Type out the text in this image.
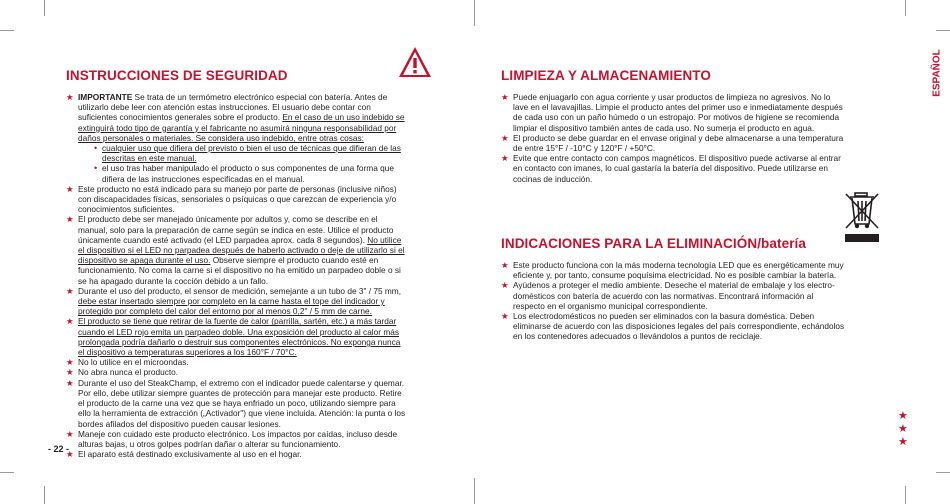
INSTRUCCIONES DE SEGURIDAD
★ IMPORTANTE Se trata de un termómetro electrónico especial con batería. Antes de utilizarlo debe leer con atención estas instrucciones. El usuario debe contar con suficientes conocimientos generales sobre el producto. En el caso de un uso indebido se extinguirá todo tipo de garantía y el fabricante no asumirá ninguna responsabilidad por daños personales o materiales. Se considera uso indebido, entre otras cosas:
• cualquier uso que difiera del previsto o bien el uso de técnicas que difieran de las descritas en este manual.
• el uso tras haber manipulado el producto o sus componentes de una forma que difiera de las instrucciones especificadas en el manual.
★ Este producto no está indicado para su manejo por parte de personas (inclusive niños) con discapacidades físicas, sensoriales o psíquicas o que carezcan de experiencia y/o conocimientos suficientes.
★ El producto debe ser manejado únicamente por adultos y, como se describe en el manual, solo para la preparación de carne según se indica en este. Utilice el producto únicamente cuando esté activado (el LED parpadea aprox. cada 8 segundos). No utilice el dispositivo si el LED no parpadea después de haberlo activado o deje de utilizarlo si el dispositivo se apaga durante el uso. Observe siempre el producto cuando esté en funcionamiento. No coma la carne si el dispositivo no ha emitido un parpadeo doble o si se ha apagado durante la cocción debido a un fallo.
★ Durante el uso del producto, el sensor de medición, semejante a un tubo de 3" / 75 mm, debe estar insertado siempre por completo en la carne hasta el tope del indicador y protegido por completo del calor del entorno por al menos 0,2" / 5 mm de carne.
★ El producto se tiene que retirar de la fuente de calor (parrilla, sartén, etc.) a más tardar cuando el LED rojo emita un parpadeo doble. Una exposición del producto al calor más prolongada podría dañarlo o destruir sus componentes electrónicos. No exponga nunca el dispositivo a temperaturas superiores a los 160°F / 70°C.
★ No lo utilice en el microondas.
★ No abra nunca el producto.
★ Durante el uso del SteakChamp, el extremo con el indicador puede calentarse y quemar. Por ello, debe utilizar siempre guantes de protección para manejar este producto. Retire el producto de la carne una vez que se haya enfriado un poco, utilizando siempre para ello la herramienta de extracción („Activador") que viene incluida. Atención: la punta o los bordes afilados del dispositivo pueden causar lesiones.
★ Maneje con cuidado este producto electrónico. Los impactos por caídas, incluso desde alturas bajas, u otros golpes podrían dañar o alterar su funcionamiento.
★ El aparato está destinado exclusivamente al uso en el hogar.
- 22 -
LIMPIEZA Y ALMACENAMIENTO
★ Puede enjuagarlo con agua corriente y usar productos de limpieza no agresivos. No lo lave en el lavavajillas. Limpie el producto antes del primer uso e inmediatamente después de cada uso con un paño húmedo o un estropajo. Por motivos de higiene se recomienda limpiar el dispositivo también antes de cada uso. No sumerja el producto en agua.
★ El producto se debe guardar en el envase original y debe almacenarse a una temperatura de entre 15°F / -10°C y 120°F / +50°C.
★ Evite que entre contacto con campos magnéticos. El dispositivo puede activarse al entrar en contacto con imanes, lo cual gastaría la batería del dispositivo. Puede utilizarse en cocinas de inducción.
INDICACIONES PARA LA ELIMINACIÓN/batería
★ Este producto funciona con la más moderna tecnología LED que es energéticamente muy eficiente y, por tanto, consume poquísima electricidad. No es posible cambiar la batería.
★ Ayúdenos a proteger el medio ambiente. Deseche el material de embalaje y los electro-domésticos con batería de acuerdo con las normativas. Encontrará información al respecto en el organismo municipal correspondiente.
★ Los electrodomésticos no pueden ser eliminados con la basura doméstica. Deben eliminarse de acuerdo con las disposiciones legales del país correspondiente, echándolos en los contenedores adecuados o llevándolos a puntos de reciclaje.
ESPAÑOL
★
★
★
